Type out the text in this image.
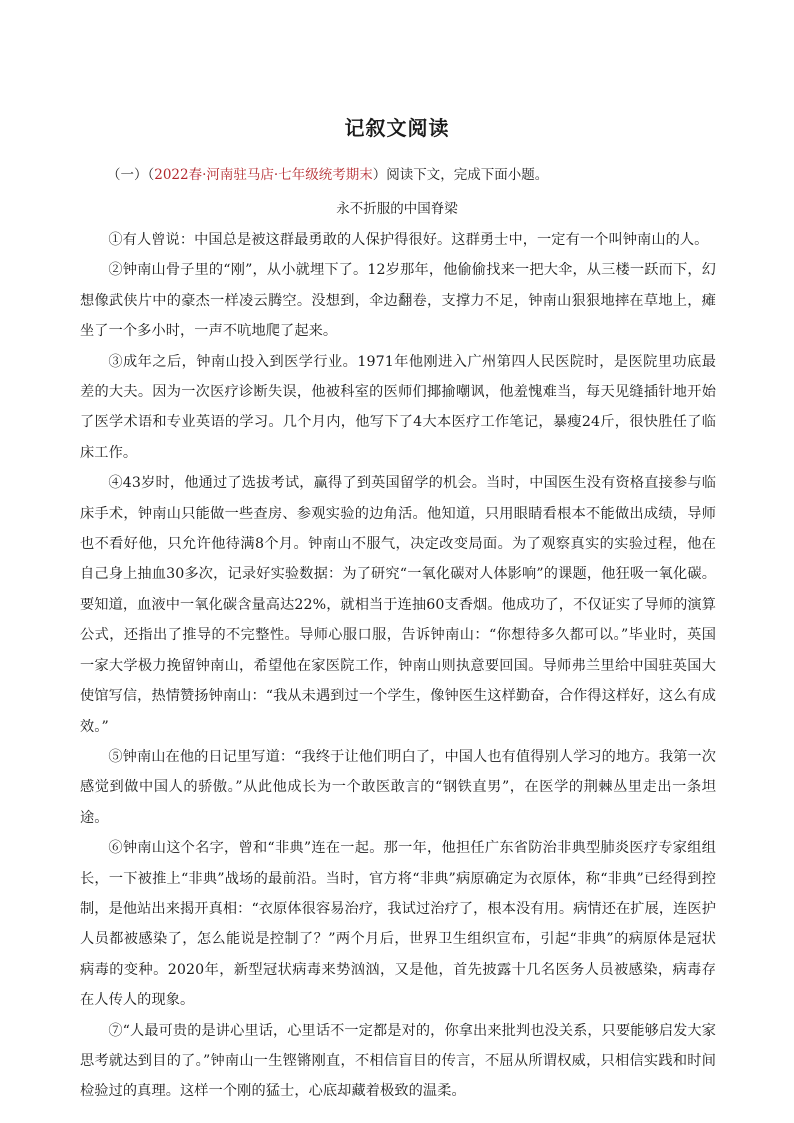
记叙文阅读
（一）（2022春·河南驻马店·七年级统考期末）阅读下文，完成下面小题。
永不折服的中国脊梁

①有人曾说：中国总是被这群最勇敢的人保护得很好。这群勇士中，一定有一个叫钟南山的人。

②钟南山骨子里的“刚”，从小就埋下了。12岁那年，他偷偷找来一把大伞，从三楼一跃而下，幻想像武侠片中的豪杰一样凌云腾空。没想到，伞边翻卷，支撑力不足，钟南山狠狠地摔在草地上，瘫坐了一个多小时，一声不吭地爬了起来。

③成年之后，钟南山投入到医学行业。1971年他刚进入广州第四人民医院时，是医院里功底最差的大夫。因为一次医疗诊断失误，他被科室的医师们揶揄嘲讽，他羞愧难当，每天见缝插针地开始了医学术语和专业英语的学习。几个月内，他写下了4大本医疗工作笔记，暴瘦24斤，很快胜任了临床工作。

④43岁时，他通过了选拔考试，赢得了到英国留学的机会。当时，中国医生没有资格直接参与临床手术，钟南山只能做一些查房、参观实验的边角活。他知道，只用眼睛看根本不能做出成绩，导师也不看好他，只允许他待满8个月。钟南山不服气，决定改变局面。为了观察真实的实验过程，他在自己身上抽血30多次，记录好实验数据：为了研究“一氧化碳对人体影响”的课题，他狂吸一氧化碳。要知道，血液中一氧化碳含量高达22%，就相当于连抽60支香烟。他成功了，不仅证实了导师的演算公式，还指出了推导的不完整性。导师心服口服，告诉钟南山：“你想待多久都可以。”毕业时，英国一家大学极力挽留钟南山，希望他在家医院工作，钟南山则执意要回国。导师弗兰里给中国驻英国大使馆写信，热情赞扬钟南山：“我从未遇到过一个学生，像钟医生这样勤奋，合作得这样好，这么有成效。”

⑤钟南山在他的日记里写道：“我终于让他们明白了，中国人也有值得别人学习的地方。我第一次感觉到做中国人的骄傲。”从此他成长为一个敢医敢言的“钢铁直男”，在医学的荆棘丛里走出一条坦途。

⑥钟南山这个名字，曾和“非典”连在一起。那一年，他担任广东省防治非典型肺炎医疗专家组组长，一下被推上“非典”战场的最前沿。当时，官方将“非典”病原确定为衣原体，称“非典”已经得到控制，是他站出来揭开真相：“衣原体很容易治疗，我试过治疗了，根本没有用。病情还在扩展，连医护人员都被感染了，怎么能说是控制了？”两个月后，世界卫生组织宣布，引起“非典”的病原体是冠状病毒的变种。2020年，新型冠状病毒来势汹汹，又是他，首先披露十几名医务人员被感染，病毒存在人传人的现象。

⑦“人最可贵的是讲心里话，心里话不一定都是对的，你拿出来批判也没关系，只要能够启发大家思考就达到目的了。”钟南山一生铿锵刚直，不相信盲目的传言，不屈从所谓权威，只相信实践和时间检验过的真理。这样一个刚的猛士，心底却藏着极致的温柔。
